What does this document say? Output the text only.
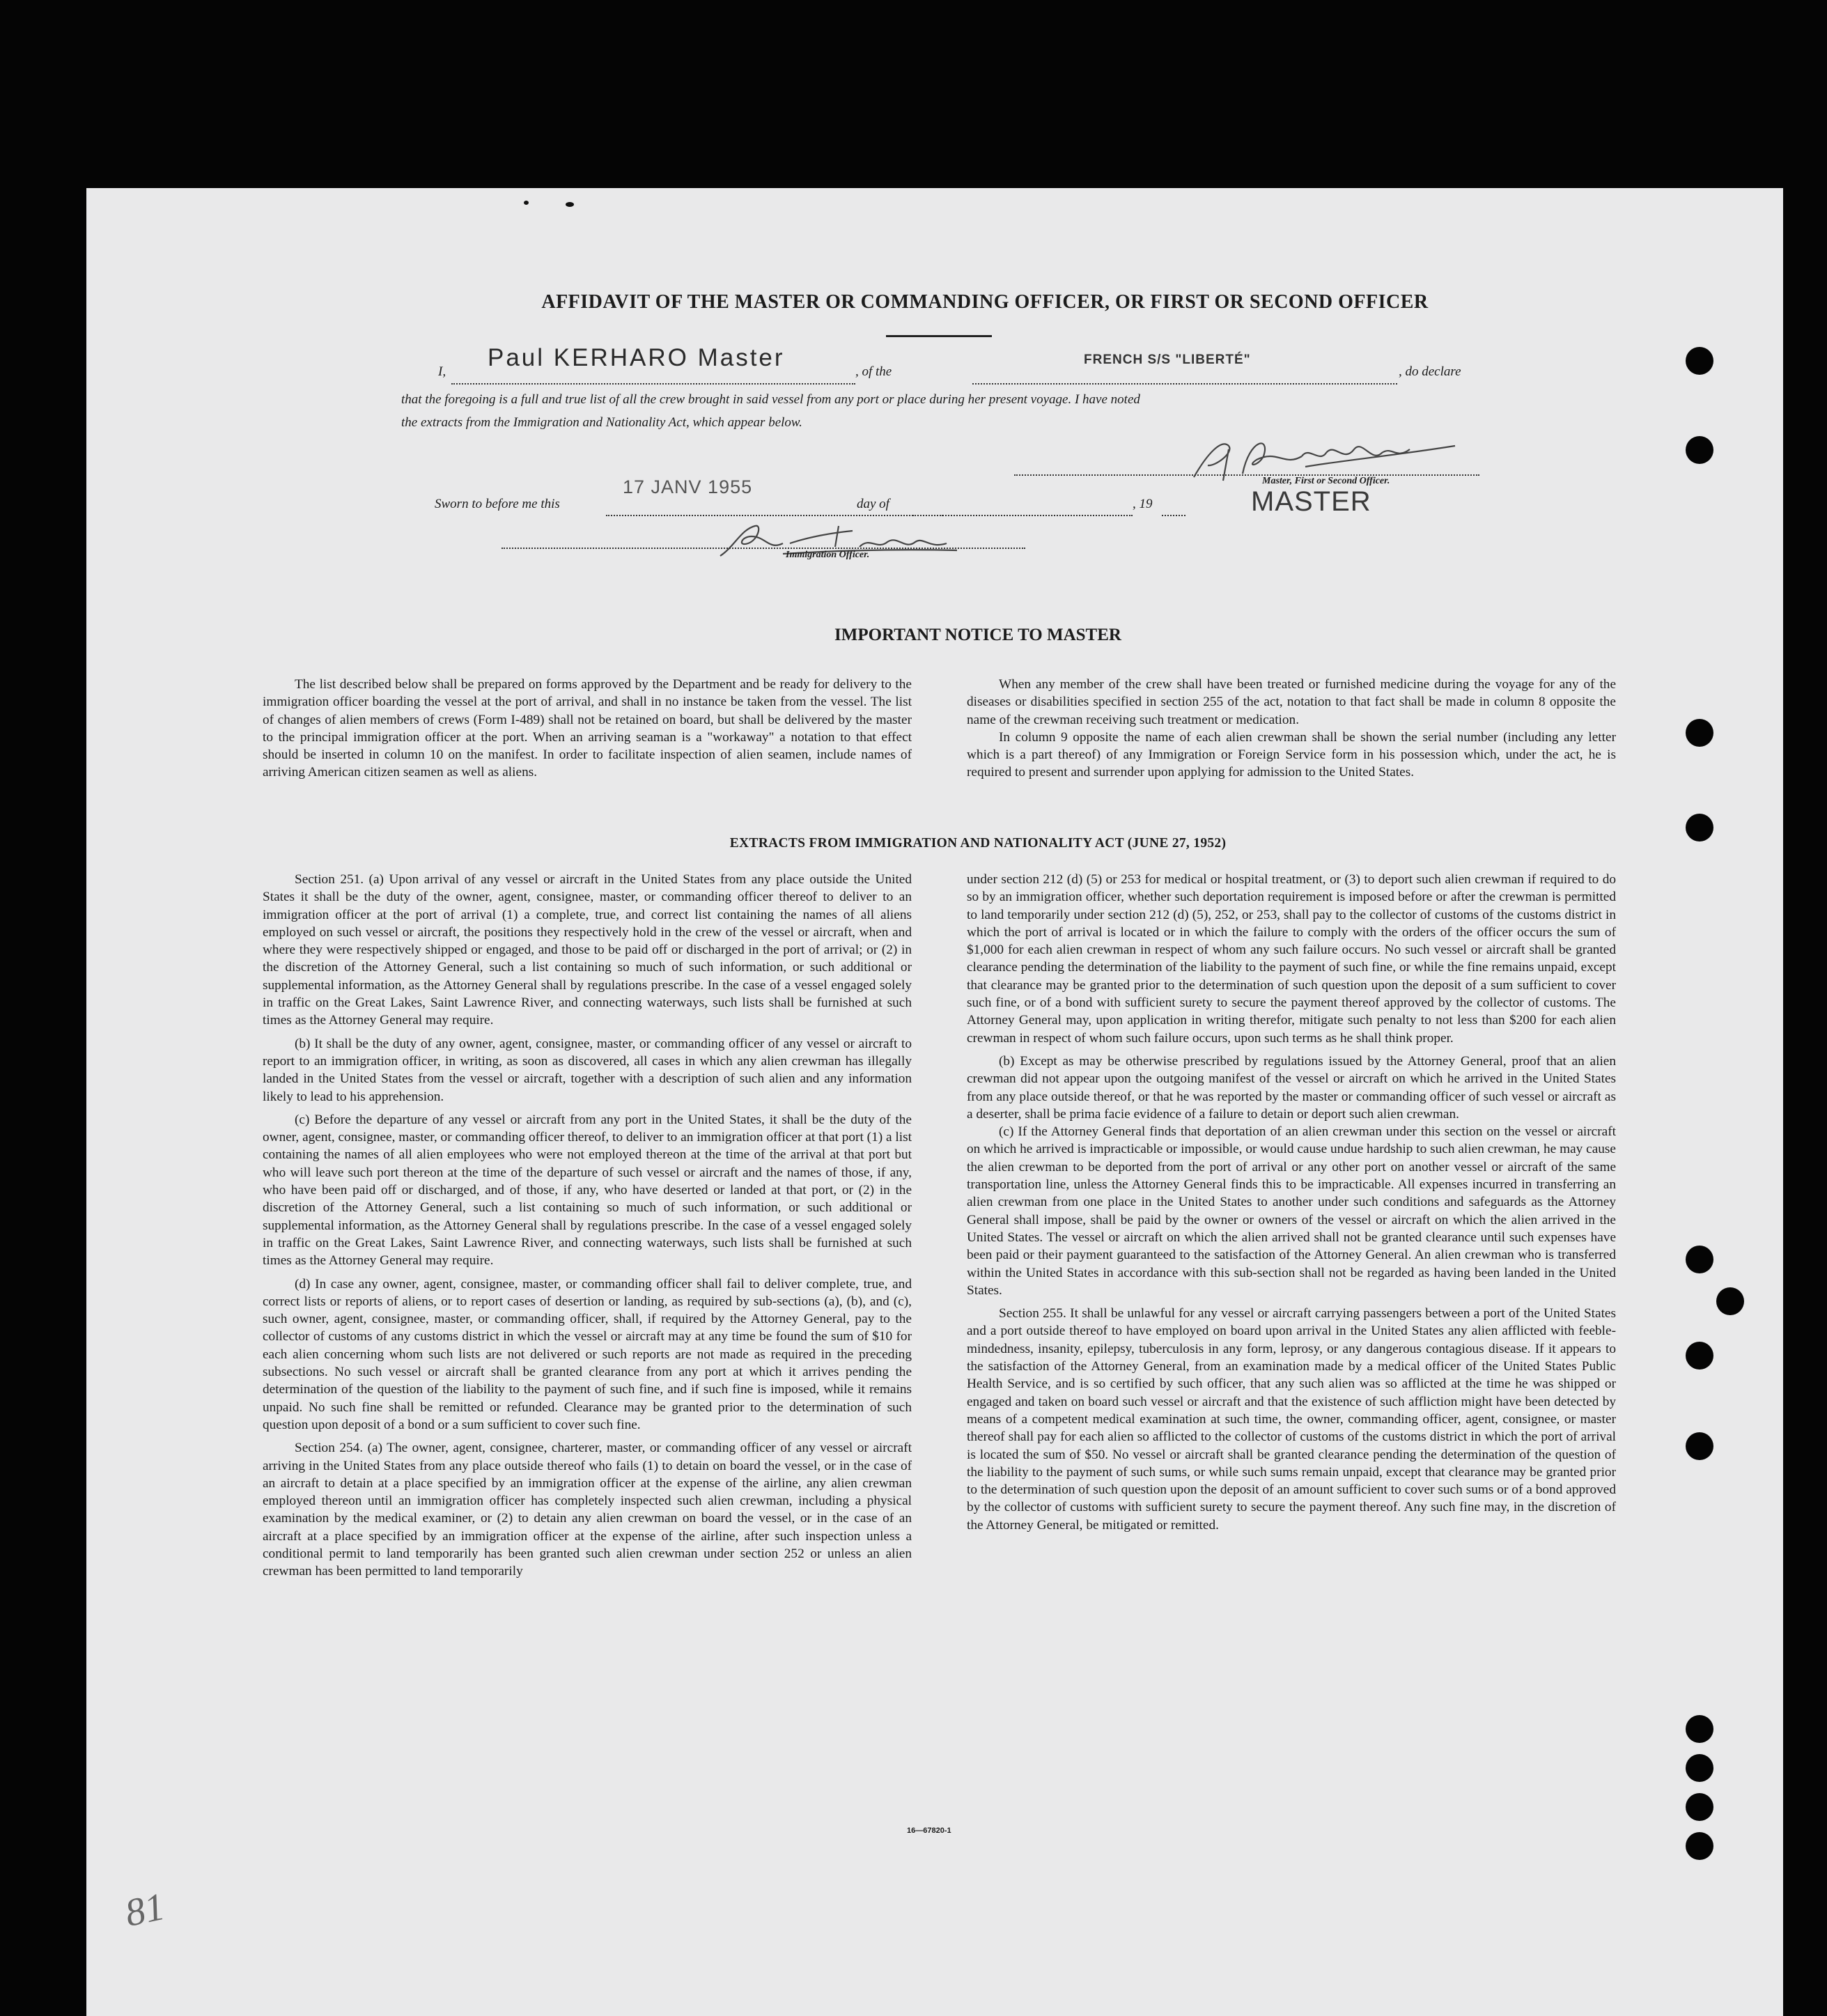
AFFIDAVIT OF THE MASTER OR COMMANDING OFFICER, OR FIRST OR SECOND OFFICER
I,
Paul KERHARO Master
, of the
FRENCH S/S "LIBERTÉ"
, do declare
that the foregoing is a full and true list of all the crew brought in said vessel from any port or place during her present voyage. I have noted
the extracts from the Immigration and Nationality Act, which appear below.
Master, First or Second Officer.
MASTER
Sworn to before me this
17 JANV 1955
day of	, 19
Immigration Officer.
IMPORTANT NOTICE TO MASTER

The list described below shall be prepared on forms approved by the Department and be ready for delivery to the immigration officer boarding the vessel at the port of arrival, and shall in no instance be taken from the vessel. The list of changes of alien members of crews (Form I-489) shall not be retained on board, but shall be delivered by the master to the principal immigration officer at the port. When an arriving seaman is a "workaway" a notation to that effect should be inserted in column 10 on the manifest. In order to facilitate inspection of alien seamen, include names of arriving American citizen seamen as well as aliens.

When any member of the crew shall have been treated or furnished medicine during the voyage for any of the diseases or disabilities specified in section 255 of the act, notation to that fact shall be made in column 8 opposite the name of the crewman receiving such treatment or medication.

In column 9 opposite the name of each alien crewman shall be shown the serial number (including any letter which is a part thereof) of any Immigration or Foreign Service form in his possession which, under the act, he is required to present and surrender upon applying for admission to the United States.

EXTRACTS FROM IMMIGRATION AND NATIONALITY ACT (JUNE 27, 1952)

Section 251. (a) Upon arrival of any vessel or aircraft in the United States from any place outside the United States it shall be the duty of the owner, agent, consignee, master, or commanding officer thereof to deliver to an immigration officer at the port of arrival (1) a complete, true, and correct list containing the names of all aliens employed on such vessel or aircraft, the positions they respectively hold in the crew of the vessel or aircraft, when and where they were respectively shipped or engaged, and those to be paid off or discharged in the port of arrival; or (2) in the discretion of the Attorney General, such a list containing so much of such information, or such additional or supplemental information, as the Attorney General shall by regulations prescribe. In the case of a vessel engaged solely in traffic on the Great Lakes, Saint Lawrence River, and connecting waterways, such lists shall be furnished at such times as the Attorney General may require.

(b) It shall be the duty of any owner, agent, consignee, master, or commanding officer of any vessel or aircraft to report to an immigration officer, in writing, as soon as discovered, all cases in which any alien crewman has illegally landed in the United States from the vessel or aircraft, together with a description of such alien and any information likely to lead to his apprehension.

(c) Before the departure of any vessel or aircraft from any port in the United States, it shall be the duty of the owner, agent, consignee, master, or commanding officer thereof, to deliver to an immigration officer at that port (1) a list containing the names of all alien employees who were not employed thereon at the time of the arrival at that port but who will leave such port thereon at the time of the departure of such vessel or aircraft and the names of those, if any, who have been paid off or discharged, and of those, if any, who have deserted or landed at that port, or (2) in the discretion of the Attorney General, such a list containing so much of such information, or such additional or supplemental information, as the Attorney General shall by regulations prescribe. In the case of a vessel engaged solely in traffic on the Great Lakes, Saint Lawrence River, and connecting waterways, such lists shall be furnished at such times as the Attorney General may require.

(d) In case any owner, agent, consignee, master, or commanding officer shall fail to deliver complete, true, and correct lists or reports of aliens, or to report cases of desertion or landing, as required by sub-sections (a), (b), and (c), such owner, agent, consignee, master, or commanding officer, shall, if required by the Attorney General, pay to the collector of customs of any customs district in which the vessel or aircraft may at any time be found the sum of $10 for each alien concerning whom such lists are not delivered or such reports are not made as required in the preceding subsections. No such vessel or aircraft shall be granted clearance from any port at which it arrives pending the determination of the question of the liability to the payment of such fine, and if such fine is imposed, while it remains unpaid. No such fine shall be remitted or refunded. Clearance may be granted prior to the determination of such question upon deposit of a bond or a sum sufficient to cover such fine.

Section 254. (a) The owner, agent, consignee, charterer, master, or commanding officer of any vessel or aircraft arriving in the United States from any place outside thereof who fails (1) to detain on board the vessel, or in the case of an aircraft to detain at a place specified by an immigration officer at the expense of the airline, any alien crewman employed thereon until an immigration officer has completely inspected such alien crewman, including a physical examination by the medical examiner, or (2) to detain any alien crewman on board the vessel, or in the case of an aircraft at a place specified by an immigration officer at the expense of the airline, after such inspection unless a conditional permit to land temporarily has been granted such alien crewman under section 252 or unless an alien crewman has been permitted to land temporarily

under section 212 (d) (5) or 253 for medical or hospital treatment, or (3) to deport such alien crewman if required to do so by an immigration officer, whether such deportation requirement is imposed before or after the crewman is permitted to land temporarily under section 212 (d) (5), 252, or 253, shall pay to the collector of customs of the customs district in which the port of arrival is located or in which the failure to comply with the orders of the officer occurs the sum of $1,000 for each alien crewman in respect of whom any such failure occurs. No such vessel or aircraft shall be granted clearance pending the determination of the liability to the payment of such fine, or while the fine remains unpaid, except that clearance may be granted prior to the determination of such question upon the deposit of a sum sufficient to cover such fine, or of a bond with sufficient surety to secure the payment thereof approved by the collector of customs. The Attorney General may, upon application in writing therefor, mitigate such penalty to not less than $200 for each alien crewman in respect of whom such failure occurs, upon such terms as he shall think proper.

(b) Except as may be otherwise prescribed by regulations issued by the Attorney General, proof that an alien crewman did not appear upon the outgoing manifest of the vessel or aircraft on which he arrived in the United States from any place outside thereof, or that he was reported by the master or commanding officer of such vessel or aircraft as a deserter, shall be prima facie evidence of a failure to detain or deport such alien crewman.

(c) If the Attorney General finds that deportation of an alien crewman under this section on the vessel or aircraft on which he arrived is impracticable or impossible, or would cause undue hardship to such alien crewman, he may cause the alien crewman to be deported from the port of arrival or any other port on another vessel or aircraft of the same transportation line, unless the Attorney General finds this to be impracticable. All expenses incurred in transferring an alien crewman from one place in the United States to another under such conditions and safeguards as the Attorney General shall impose, shall be paid by the owner or owners of the vessel or aircraft on which the alien arrived in the United States. The vessel or aircraft on which the alien arrived shall not be granted clearance until such expenses have been paid or their payment guaranteed to the satisfaction of the Attorney General. An alien crewman who is transferred within the United States in accordance with this sub-section shall not be regarded as having been landed in the United States.

Section 255. It shall be unlawful for any vessel or aircraft carrying passengers between a port of the United States and a port outside thereof to have employed on board upon arrival in the United States any alien afflicted with feeble-mindedness, insanity, epilepsy, tuberculosis in any form, leprosy, or any dangerous contagious disease. If it appears to the satisfaction of the Attorney General, from an examination made by a medical officer of the United States Public Health Service, and is so certified by such officer, that any such alien was so afflicted at the time he was shipped or engaged and taken on board such vessel or aircraft and that the existence of such affliction might have been detected by means of a competent medical examination at such time, the owner, commanding officer, agent, consignee, or master thereof shall pay for each alien so afflicted to the collector of customs of the customs district in which the port of arrival is located the sum of $50. No vessel or aircraft shall be granted clearance pending the determination of the question of the liability to the payment of such sums, or while such sums remain unpaid, except that clearance may be granted prior to the determination of such question upon the deposit of an amount sufficient to cover such sums or of a bond approved by the collector of customs with sufficient surety to secure the payment thereof. Any such fine may, in the discretion of the Attorney General, be mitigated or remitted.

16—67820-1
81
